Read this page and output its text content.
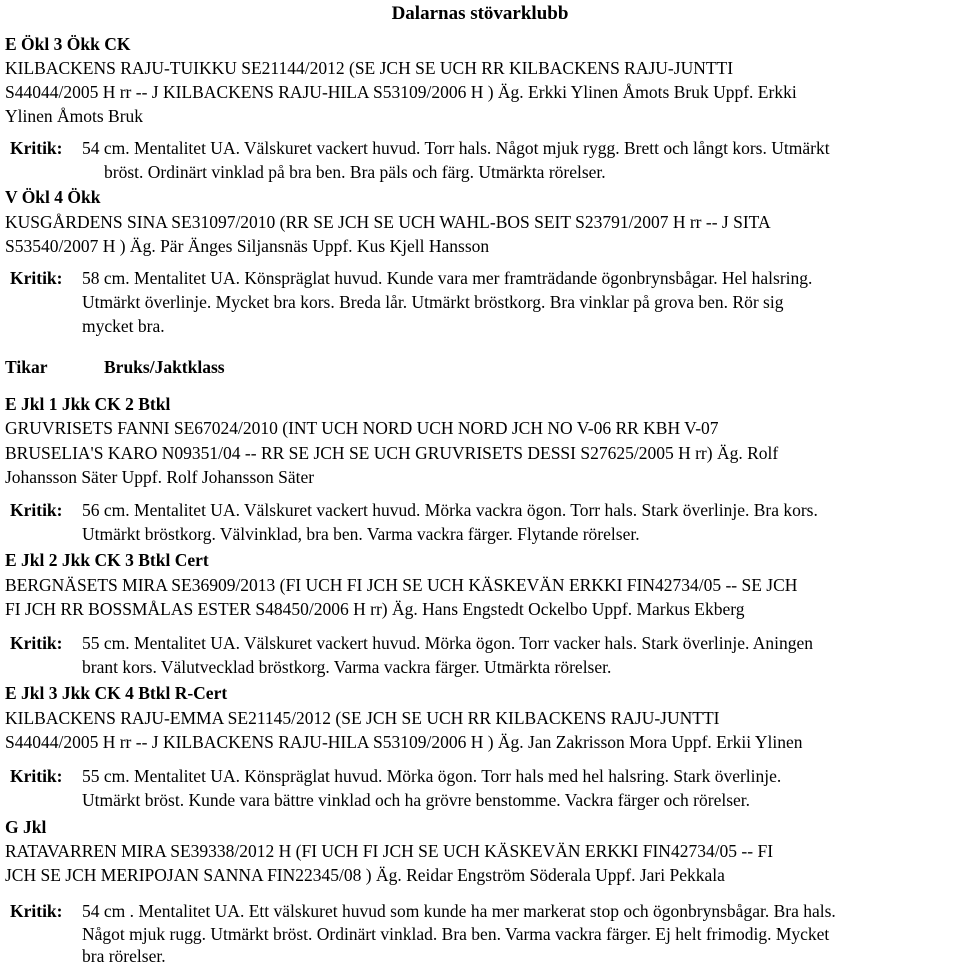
Dalarnas stövarklubb
E Ökl 3 Ökk CK
KILBACKENS RAJU-TUIKKU SE21144/2012 (SE JCH SE UCH RR KILBACKENS RAJU-JUNTTI
S44044/2005 H rr -- J KILBACKENS RAJU-HILA S53109/2006 H ) Äg. Erkki Ylinen Åmots Bruk Uppf. Erkki
Ylinen Åmots Bruk
Kritik: 54 cm. Mentalitet UA. Välskuret vackert huvud. Torr hals. Något mjuk rygg. Brett och långt kors. Utmärkt
bröst. Ordinärt vinklad på bra ben. Bra päls och färg. Utmärkta rörelser.
V Ökl 4 Ökk
KUSGÅRDENS SINA SE31097/2010 (RR SE JCH SE UCH WAHL-BOS SEIT S23791/2007 H rr -- J SITA
S53540/2007 H ) Äg. Pär Änges Siljansnäs Uppf. Kus Kjell Hansson
Kritik: 58 cm. Mentalitet UA. Könspräglat huvud. Kunde vara mer framträdande ögonbrynsbågar. Hel halsring.
Utmärkt överlinje. Mycket bra kors. Breda lår. Utmärkt bröstkorg. Bra vinklar på grova ben. Rör sig
mycket bra.
Tikar	Bruks/Jaktklass
E Jkl 1 Jkk CK 2 Btkl
GRUVRISETS FANNI SE67024/2010 (INT UCH NORD UCH NORD JCH NO V-06 RR KBH V-07
BRUSELIA'S KARO N09351/04 -- RR SE JCH SE UCH GRUVRISETS DESSI S27625/2005 H rr) Äg. Rolf
Johansson Säter Uppf. Rolf Johansson Säter
Kritik: 56 cm. Mentalitet UA. Välskuret vackert huvud. Mörka vackra ögon. Torr hals. Stark överlinje. Bra kors.
Utmärkt bröstkorg. Välvinklad, bra ben. Varma vackra färger. Flytande rörelser.
E Jkl 2 Jkk CK 3 Btkl Cert
BERGNÄSETS MIRA SE36909/2013 (FI UCH FI JCH SE UCH KÄSKEVÄN ERKKI FIN42734/05 -- SE JCH
FI JCH RR BOSSMÅLAS ESTER S48450/2006 H rr) Äg. Hans Engstedt Ockelbo Uppf. Markus Ekberg
Kritik: 55 cm. Mentalitet UA. Välskuret vackert huvud. Mörka ögon. Torr vacker hals. Stark överlinje. Aningen
brant kors. Välutvecklad bröstkorg. Varma vackra färger. Utmärkta rörelser.
E Jkl 3 Jkk CK 4 Btkl R-Cert
KILBACKENS RAJU-EMMA SE21145/2012 (SE JCH SE UCH RR KILBACKENS RAJU-JUNTTI
S44044/2005 H rr -- J KILBACKENS RAJU-HILA S53109/2006 H ) Äg. Jan Zakrisson Mora Uppf. Erkii Ylinen
Kritik: 55 cm. Mentalitet UA. Könspräglat huvud. Mörka ögon. Torr hals med hel halsring. Stark överlinje.
Utmärkt bröst. Kunde vara bättre vinklad och ha grövre benstomme. Vackra färger och rörelser.
G Jkl
RATAVARREN MIRA SE39338/2012 H (FI UCH FI JCH SE UCH KÄSKEVÄN ERKKI FIN42734/05 -- FI
JCH SE JCH MERIPOJAN SANNA FIN22345/08 ) Äg. Reidar Engström Söderala Uppf. Jari Pekkala
Kritik: 54 cm . Mentalitet UA. Ett välskuret huvud som kunde ha mer markerat stop och ögonbrynsbågar. Bra hals.
Något mjuk rugg. Utmärkt bröst. Ordinärt vinklad. Bra ben. Varma vackra färger. Ej helt frimodig. Mycket
bra rörelser.
